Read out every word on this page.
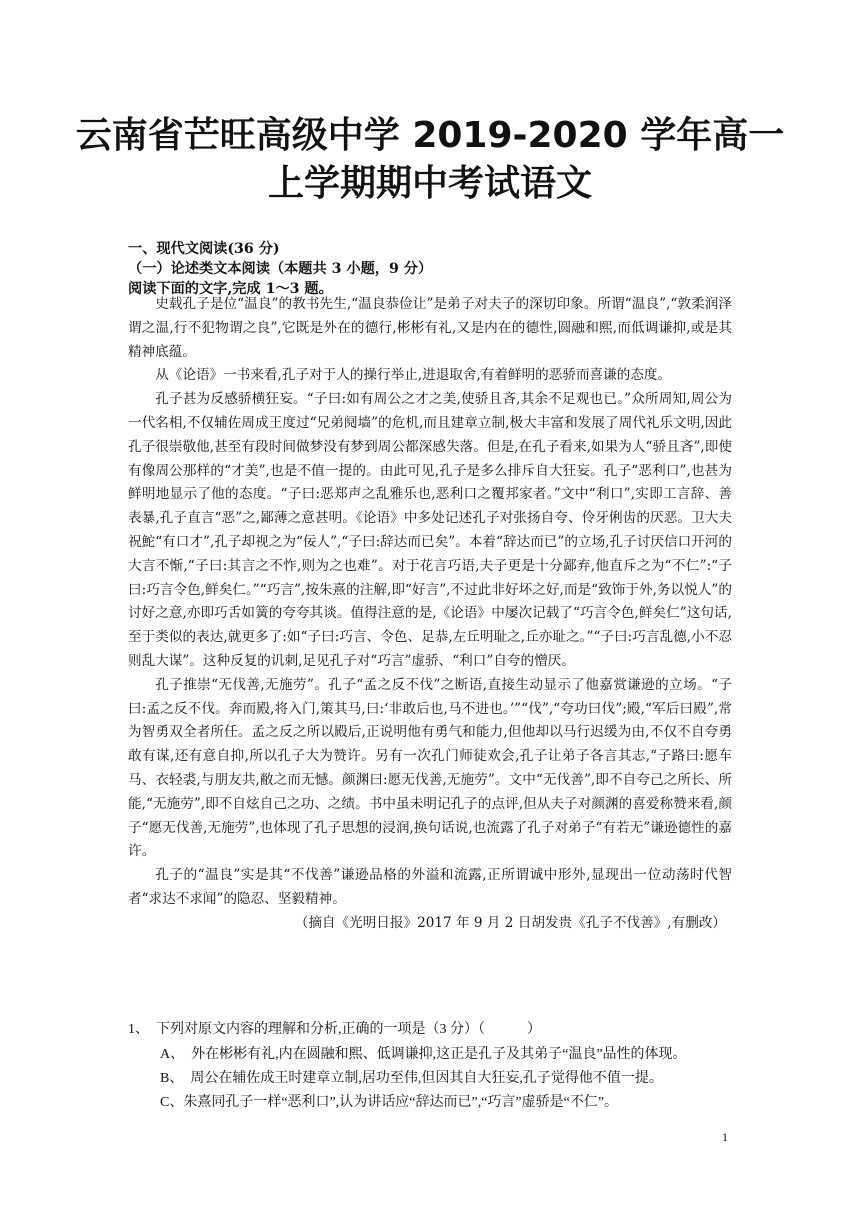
云南省芒旺高级中学 2019-2020 学年高一
上学期期中考试语文
一、现代文阅读(36 分)
（一）论述类文本阅读（本题共 3 小题，9 分）
阅读下面的文字,完成 1～3 题。

史载孔子是位“温良”的教书先生,“温良恭俭让”是弟子对夫子的深切印象。所谓“温良”,“敦柔润泽谓之温,行不犯物谓之良”,它既是外在的德行,彬彬有礼,又是内在的德性,圆融和熙,而低调谦抑,或是其精神底蕴。

从《论语》一书来看,孔子对于人的操行举止,进退取舍,有着鲜明的恶骄而喜谦的态度。

孔子甚为反感骄横狂妄。“子曰:如有周公之才之美,使骄且吝,其余不足观也已。”众所周知,周公为一代名相,不仅辅佐周成王度过“兄弟阋墙”的危机,而且建章立制,极大丰富和发展了周代礼乐文明,因此孔子很崇敬他,甚至有段时间做梦没有梦到周公都深感失落。但是,在孔子看来,如果为人“骄且吝”,即使有像周公那样的“才美”,也是不值一提的。由此可见,孔子是多么排斥自大狂妄。孔子“恶利口”,也甚为鲜明地显示了他的态度。“子曰:恶郑声之乱雅乐也,恶利口之覆邦家者。”文中“利口”,实即工言辞、善表暴,孔子直言“恶”之,鄙薄之意甚明。《论语》中多处记述孔子对张扬自夸、伶牙俐齿的厌恶。卫大夫祝鮀“有口才”,孔子却视之为“佞人”,“子曰:辞达而已矣”。本着“辞达而已”的立场,孔子讨厌信口开河的大言不惭,“子曰:其言之不怍,则为之也难”。对于花言巧语,夫子更是十分鄙弃,他直斥之为“不仁”:“子曰:巧言令色,鲜矣仁。”“巧言”,按朱熹的注解,即“好言”,不过此非好坏之好,而是“致饰于外,务以悦人”的讨好之意,亦即巧舌如簧的夸夸其谈。值得注意的是,《论语》中屡次记载了“巧言令色,鲜矣仁”这句话,至于类似的表达,就更多了:如“子曰:巧言、令色、足恭,左丘明耻之,丘亦耻之。”“子曰:巧言乱德,小不忍则乱大谋”。这种反复的讥刺,足见孔子对“巧言”虚骄、“利口”自夸的憎厌。

孔子推崇“无伐善,无施劳”。孔子“孟之反不伐”之断语,直接生动显示了他嘉赏谦逊的立场。“子曰:孟之反不伐。奔而殿,将入门,策其马,曰:‘非敢后也,马不进也。’”“伐”,“夸功曰伐”;殿,“军后曰殿”,常为智勇双全者所任。孟之反之所以殿后,正说明他有勇气和能力,但他却以马行迟缓为由,不仅不自夸勇敢有谋,还有意自抑,所以孔子大为赞许。另有一次孔门师徒欢会,孔子让弟子各言其志,“子路曰:愿车马、衣轻裘,与朋友共,敝之而无憾。颜渊曰:愿无伐善,无施劳”。文中“无伐善”,即不自夸己之所长、所能,“无施劳”,即不自炫自己之功、之绩。书中虽未明记孔子的点评,但从夫子对颜渊的喜爱称赞来看,颜子“愿无伐善,无施劳”,也体现了孔子思想的浸润,换句话说,也流露了孔子对弟子“有若无”谦逊德性的嘉许。

孔子的“温良”实是其“不伐善”谦逊品格的外溢和流露,正所谓诚中形外,显现出一位动荡时代智者“求达不求闻”的隐忍、坚毅精神。

（摘自《光明日报》2017 年 9 月 2 日胡发贵《孔子不伐善》,有删改）

1、　下列对原文内容的理解和分析,正确的一项是（3 分）（　　　）
A、　外在彬彬有礼,内在圆融和熙、低调谦抑,这正是孔子及其弟子“温良”品性的体现。
B、　周公在辅佐成王时建章立制,居功至伟,但因其自大狂妄,孔子觉得他不值一提。
C、朱熹同孔子一样“恶利口”,认为讲话应“辞达而已”,“巧言”虚骄是“不仁”。
1
